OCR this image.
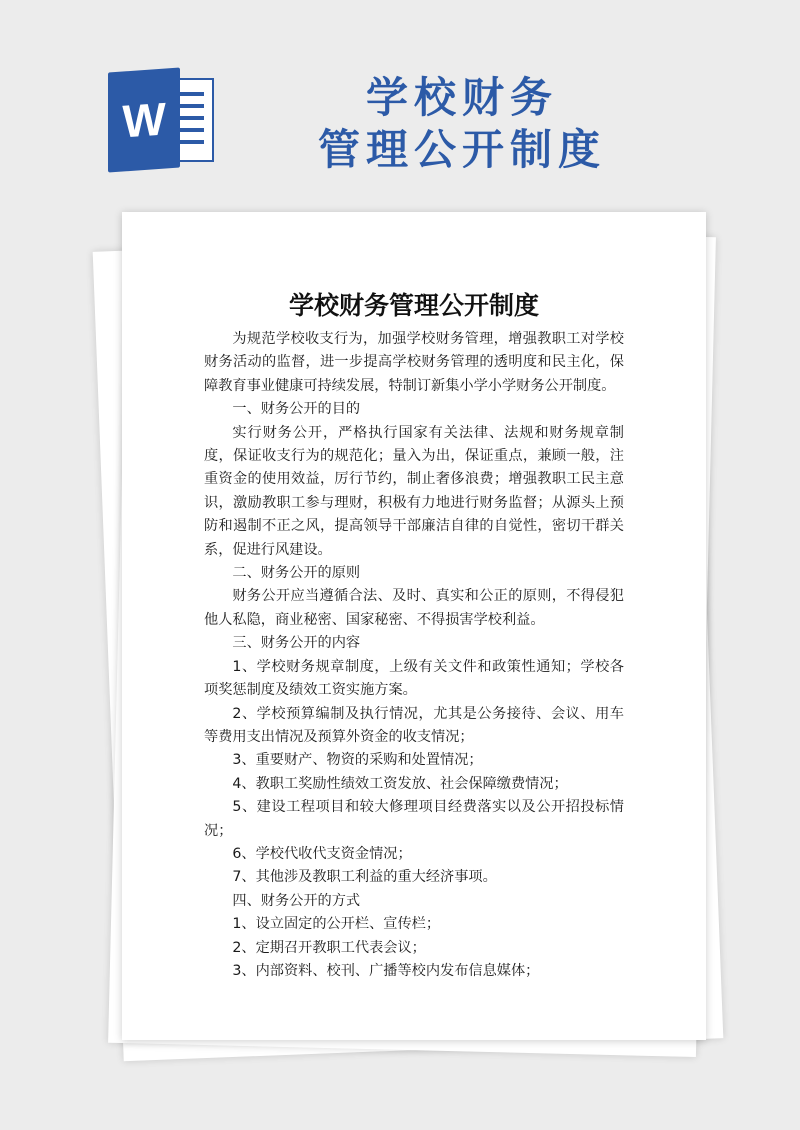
W	学校财务
管理公开制度
学校财务管理公开制度

为规范学校收支行为，加强学校财务管理，增强教职工对学校财务活动的监督，进一步提高学校财务管理的透明度和民主化，保障教育事业健康可持续发展，特制订新集小学小学财务公开制度。

一、财务公开的目的

实行财务公开，严格执行国家有关法律、法规和财务规章制度，保证收支行为的规范化；量入为出，保证重点，兼顾一般，注重资金的使用效益，厉行节约，制止奢侈浪费；增强教职工民主意识，激励教职工参与理财，积极有力地进行财务监督；从源头上预防和遏制不正之风，提高领导干部廉洁自律的自觉性，密切干群关系，促进行风建设。

二、财务公开的原则

财务公开应当遵循合法、及时、真实和公正的原则，不得侵犯他人私隐，商业秘密、国家秘密、不得损害学校利益。

三、财务公开的内容

1、学校财务规章制度，上级有关文件和政策性通知；学校各项奖惩制度及绩效工资实施方案。

2、学校预算编制及执行情况，尤其是公务接待、会议、用车等费用支出情况及预算外资金的收支情况；

3、重要财产、物资的采购和处置情况；

4、教职工奖励性绩效工资发放、社会保障缴费情况；

5、建设工程项目和较大修理项目经费落实以及公开招投标情况；

6、学校代收代支资金情况；

7、其他涉及教职工利益的重大经济事项。

四、财务公开的方式

1、设立固定的公开栏、宣传栏；

2、定期召开教职工代表会议；

3、内部资料、校刊、广播等校内发布信息媒体；
